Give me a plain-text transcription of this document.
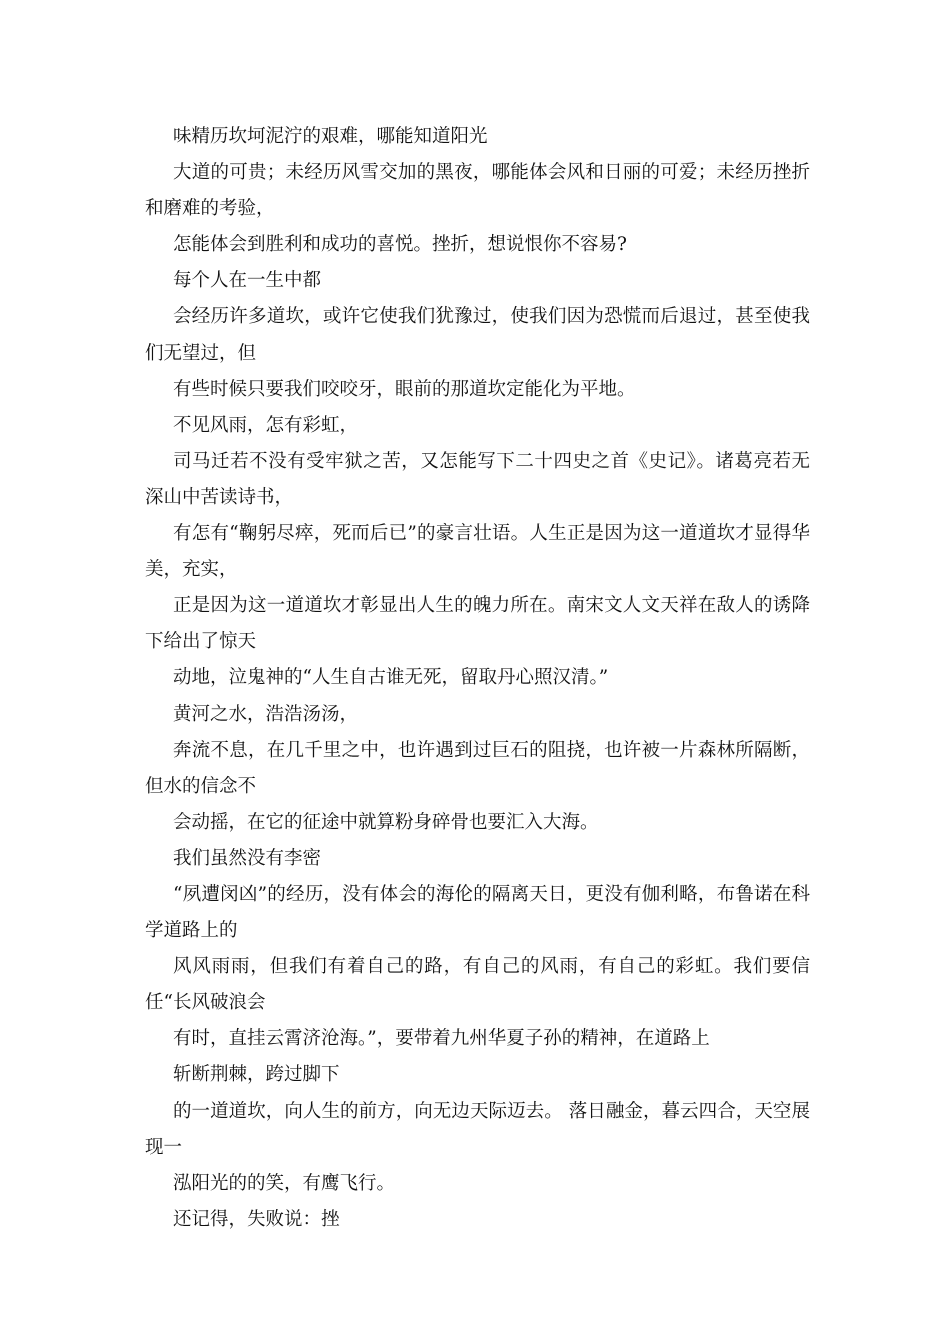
味精历坎坷泥泞的艰难，哪能知道阳光

大道的可贵；未经历风雪交加的黑夜，哪能体会风和日丽的可爱；未经历挫折和磨难的考验，

怎能体会到胜利和成功的喜悦。挫折，想说恨你不容易?

每个人在一生中都

会经历许多道坎，或许它使我们犹豫过，使我们因为恐慌而后退过，甚至使我们无望过，但

有些时候只要我们咬咬牙，眼前的那道坎定能化为平地。

不见风雨，怎有彩虹，

司马迁若不没有受牢狱之苦，又怎能写下二十四史之首《史记》。诸葛亮若无深山中苦读诗书，

有怎有“鞠躬尽瘁，死而后已”的豪言壮语。人生正是因为这一道道坎才显得华美，充实，

正是因为这一道道坎才彰显出人生的魄力所在。南宋文人文天祥在敌人的诱降下给出了惊天

动地，泣鬼神的“人生自古谁无死，留取丹心照汉清。”

黄河之水，浩浩汤汤，

奔流不息，在几千里之中，也许遇到过巨石的阻挠，也许被一片森林所隔断，但水的信念不

会动摇，在它的征途中就算粉身碎骨也要汇入大海。

我们虽然没有李密

“夙遭闵凶”的经历，没有体会的海伦的隔离天日，更没有伽利略，布鲁诺在科学道路上的

风风雨雨，但我们有着自己的路，有自己的风雨，有自己的彩虹。我们要信任“长风破浪会

有时，直挂云霄济沧海。”，要带着九州华夏子孙的精神，在道路上

斩断荆棘，跨过脚下

的一道道坎，向人生的前方，向无边天际迈去。 落日融金，暮云四合，天空展现一

泓阳光的的笑，有鹰飞行。

还记得，失败说：挫
